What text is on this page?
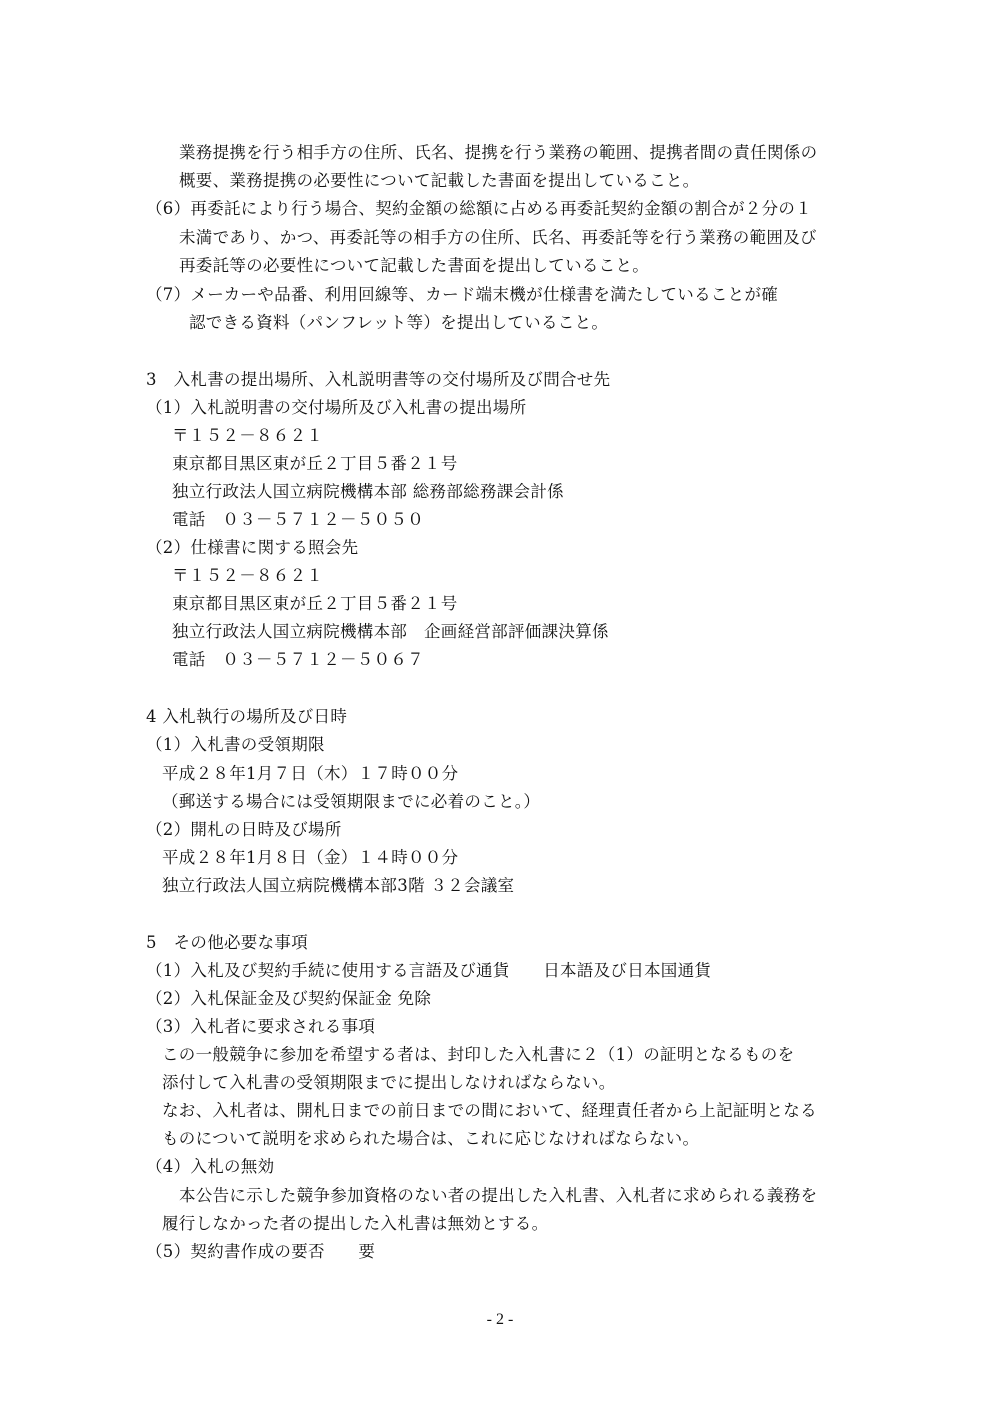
業務提携を行う相手方の住所、氏名、提携を行う業務の範囲、提携者間の責任関係の
概要、業務提携の必要性について記載した書面を提出していること。
（6）再委託により行う場合、契約金額の総額に占める再委託契約金額の割合が２分の１
未満であり、かつ、再委託等の相手方の住所、氏名、再委託等を行う業務の範囲及び
再委託等の必要性について記載した書面を提出していること。
（7）メーカーや品番、利用回線等、カード端末機が仕様書を満たしていることが確
認できる資料（パンフレット等）を提出していること。
3　入札書の提出場所、入札説明書等の交付場所及び問合せ先
（1）入札説明書の交付場所及び入札書の提出場所
〒１５２－８６２１
東京都目黒区東が丘２丁目５番２１号
独立行政法人国立病院機構本部 総務部総務課会計係
電話　０３－５７１２－５０５０
（2）仕様書に関する照会先
〒１５２－８６２１
東京都目黒区東が丘２丁目５番２１号
独立行政法人国立病院機構本部　企画経営部評価課決算係
電話　０３－５７１２－５０６７
4 入札執行の場所及び日時
（1）入札書の受領期限
平成２８年1月７日（木）１７時００分
（郵送する場合には受領期限までに必着のこと。）
（2）開札の日時及び場所
平成２８年1月８日（金）１４時００分
独立行政法人国立病院機構本部3階 ３２会議室
5　その他必要な事項
（1）入札及び契約手続に使用する言語及び通貨　　日本語及び日本国通貨
（2）入札保証金及び契約保証金 免除
（3）入札者に要求される事項
この一般競争に参加を希望する者は、封印した入札書に２（1）の証明となるものを
添付して入札書の受領期限までに提出しなければならない。
なお、入札者は、開札日までの前日までの間において、経理責任者から上記証明となる
ものについて説明を求められた場合は、これに応じなければならない。
（4）入札の無効
本公告に示した競争参加資格のない者の提出した入札書、入札者に求められる義務を
履行しなかった者の提出した入札書は無効とする。
（5）契約書作成の要否　　要
- 2 -
